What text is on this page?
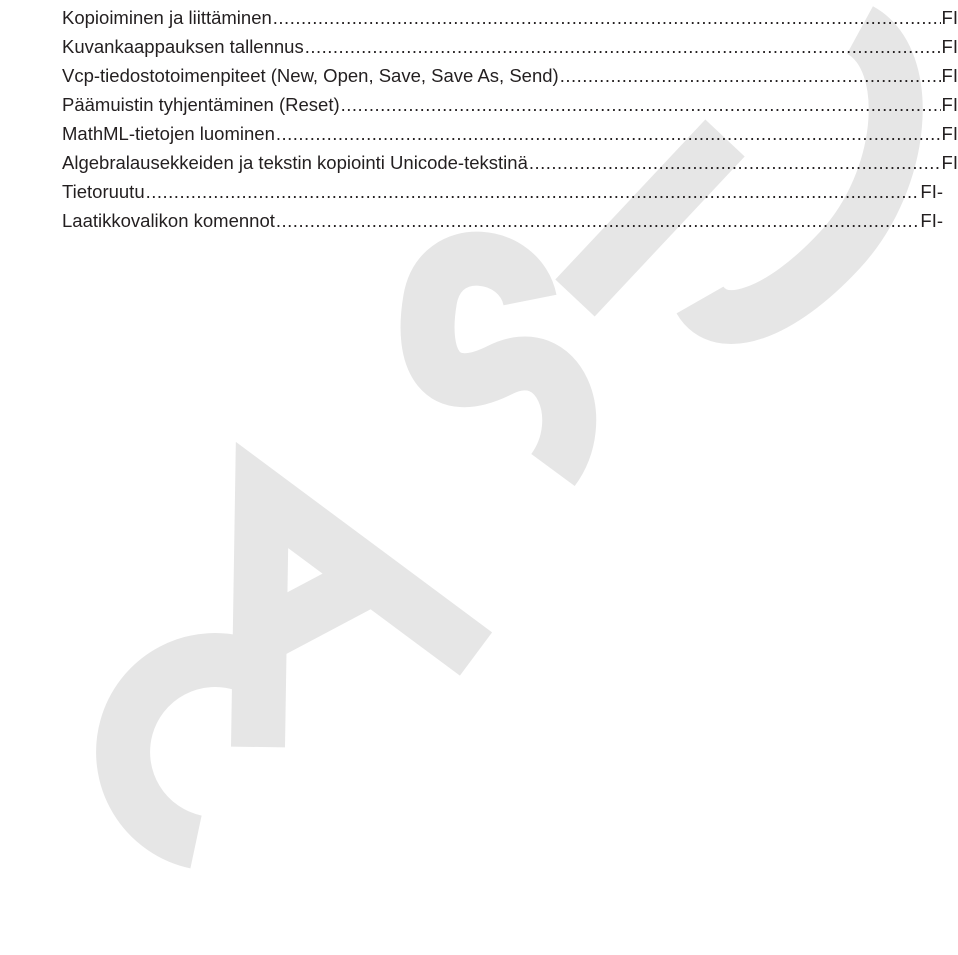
Kopioiminen ja liittäminen .....	FI
Kuvankaappauksen tallennus .....	FI
Vcp-tiedostotoimenpiteet (New, Open, Save, Save As, Send) .....	FI
Päämuistin tyhjentäminen (Reset) .....	FI
MathML-tietojen luominen .....	FI
Algebralausekkeiden ja tekstin kopiointi Unicode-tekstinä .....	FI
Tietoruutu .....	FI-
Laatikkovalikon komennot .....	FI-
